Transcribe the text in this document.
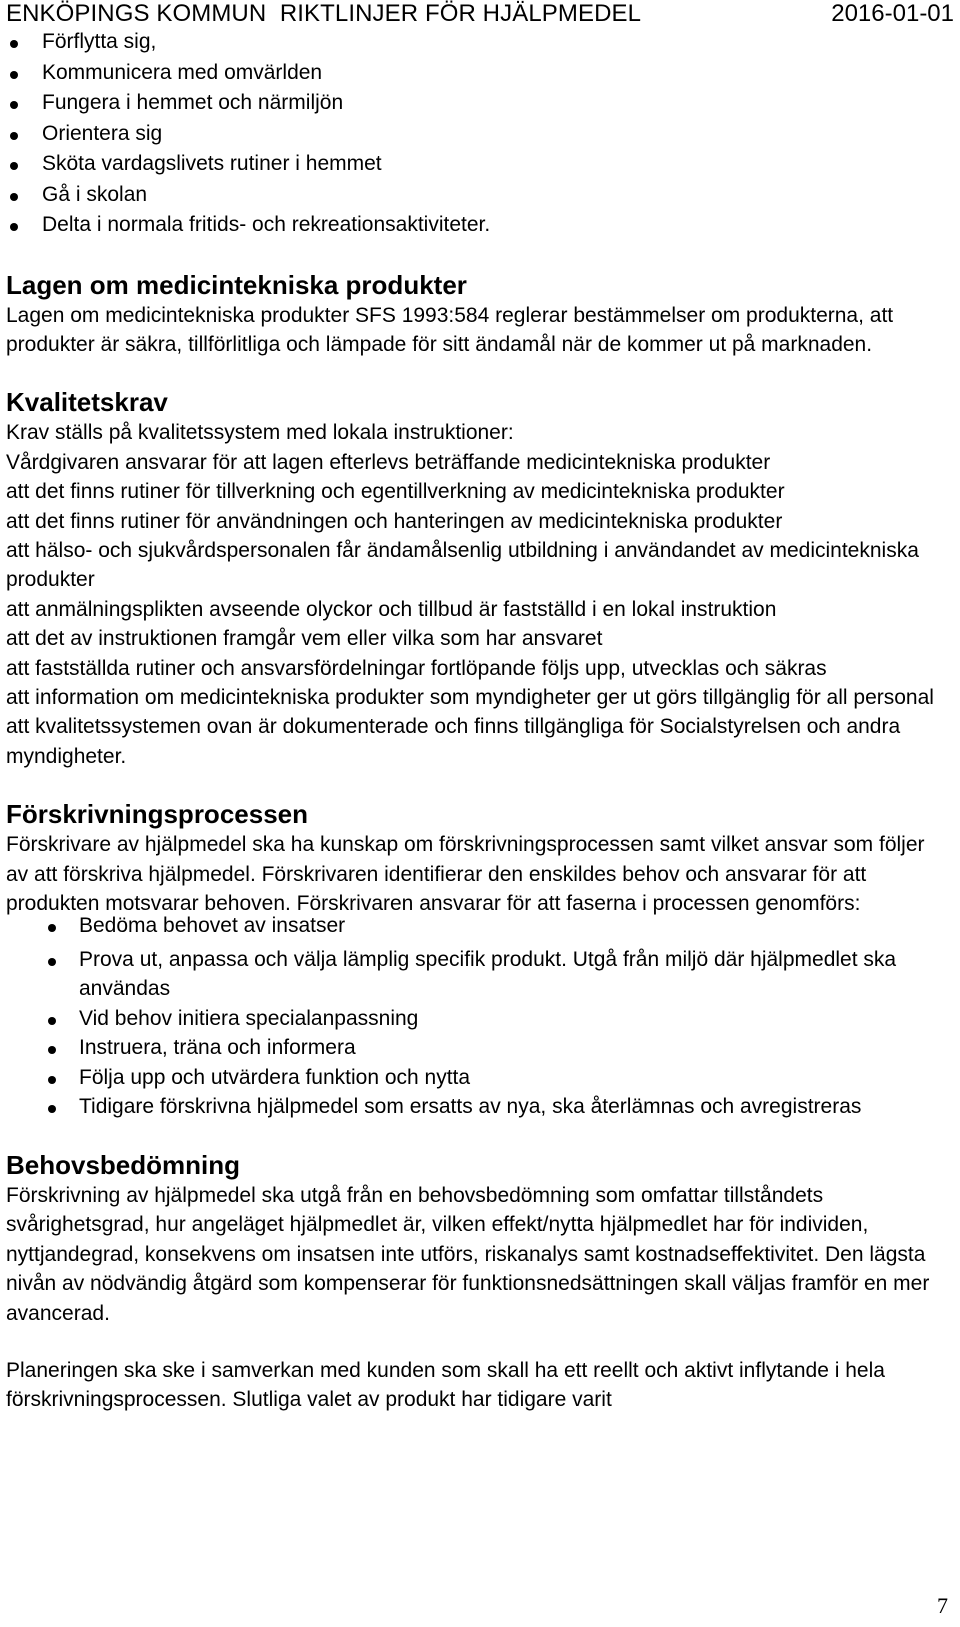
ENKÖPINGS KOMMUN  RIKTLINJER FÖR HJÄLPMEDEL	2016-01-01
Förflytta sig,
Kommunicera med omvärlden
Fungera i hemmet och närmiljön
Orientera sig
Sköta vardagslivets rutiner i hemmet
Gå i skolan
Delta i normala fritids- och rekreationsaktiviteter.
Lagen om medicintekniska produkter

Lagen om medicintekniska produkter SFS 1993:584 reglerar bestämmelser om produkterna, att produkter är säkra, tillförlitliga och lämpade för sitt ändamål när de kommer ut på marknaden.

Kvalitetskrav
Krav ställs på kvalitetssystem med lokala instruktioner:
Vårdgivaren ansvarar för att lagen efterlevs beträffande medicintekniska produkter
att det finns rutiner för tillverkning och egentillverkning av medicintekniska produkter
att det finns rutiner för användningen och hanteringen av medicintekniska produkter
att hälso- och sjukvårdspersonalen får ändamålsenlig utbildning i användandet av medicintekniska produkter
att anmälningsplikten avseende olyckor och tillbud är fastställd i en lokal instruktion
att det av instruktionen framgår vem eller vilka som har ansvaret
att fastställda rutiner och ansvarsfördelningar fortlöpande följs upp, utvecklas och säkras
att information om medicintekniska produkter som myndigheter ger ut görs tillgänglig för all personal
att kvalitetssystemen ovan är dokumenterade och finns tillgängliga för Socialstyrelsen och andra myndigheter.
Förskrivningsprocessen

Förskrivare av hjälpmedel ska ha kunskap om förskrivningsprocessen samt vilket ansvar som följer av att förskriva hjälpmedel. Förskrivaren identifierar den enskildes behov och ansvarar för att produkten motsvarar behoven. Förskrivaren ansvarar för att faserna i processen genomförs:

Bedöma behovet av insatser
Prova ut, anpassa och välja lämplig specifik produkt. Utgå från miljö där hjälpmedlet ska användas
Vid behov initiera specialanpassning
Instruera, träna och informera
Följa upp och utvärdera funktion och nytta
Tidigare förskrivna hjälpmedel som ersatts av nya, ska återlämnas och avregistreras
Behovsbedömning

Förskrivning av hjälpmedel ska utgå från en behovsbedömning som omfattar tillståndets svårighetsgrad, hur angeläget hjälpmedlet är, vilken effekt/nytta hjälpmedlet har för individen, nyttjandegrad, konsekvens om insatsen inte utförs, riskanalys samt kostnadseffektivitet. Den lägsta nivån av nödvändig åtgärd som kompenserar för funktionsnedsättningen skall väljas framför en mer avancerad.

Planeringen ska ske i samverkan med kunden som skall ha ett reellt och aktivt inflytande i hela förskrivningsprocessen. Slutliga valet av produkt har tidigare varit

7
